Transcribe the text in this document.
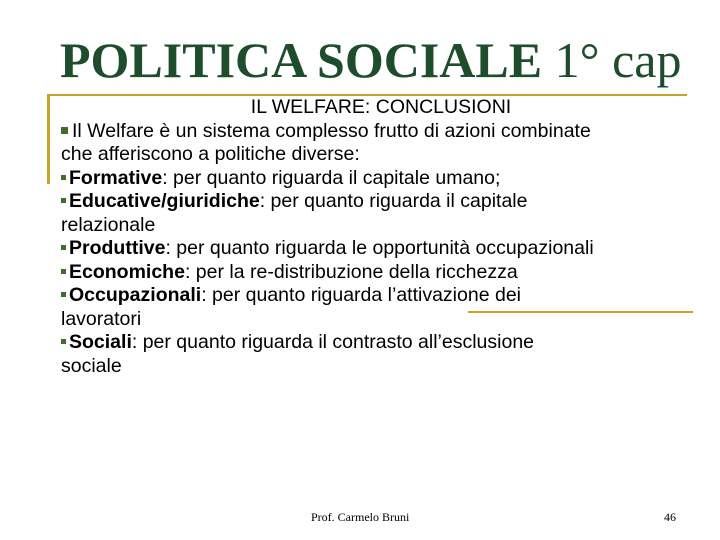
POLITICA SOCIALE 1° cap
IL WELFARE: CONCLUSIONI
Il Welfare è un sistema complesso frutto di azioni combinate
che afferiscono a politiche diverse:
Formative: per quanto riguarda il capitale umano;
Educative/giuridiche: per quanto riguarda il capitale
relazionale
Produttive: per quanto riguarda le opportunità occupazionali
Economiche: per la re-distribuzione della ricchezza
Occupazionali: per quanto riguarda l’attivazione dei
lavoratori
Sociali: per quanto riguarda il contrasto all’esclusione
sociale
Prof. Carmelo Bruni	46
